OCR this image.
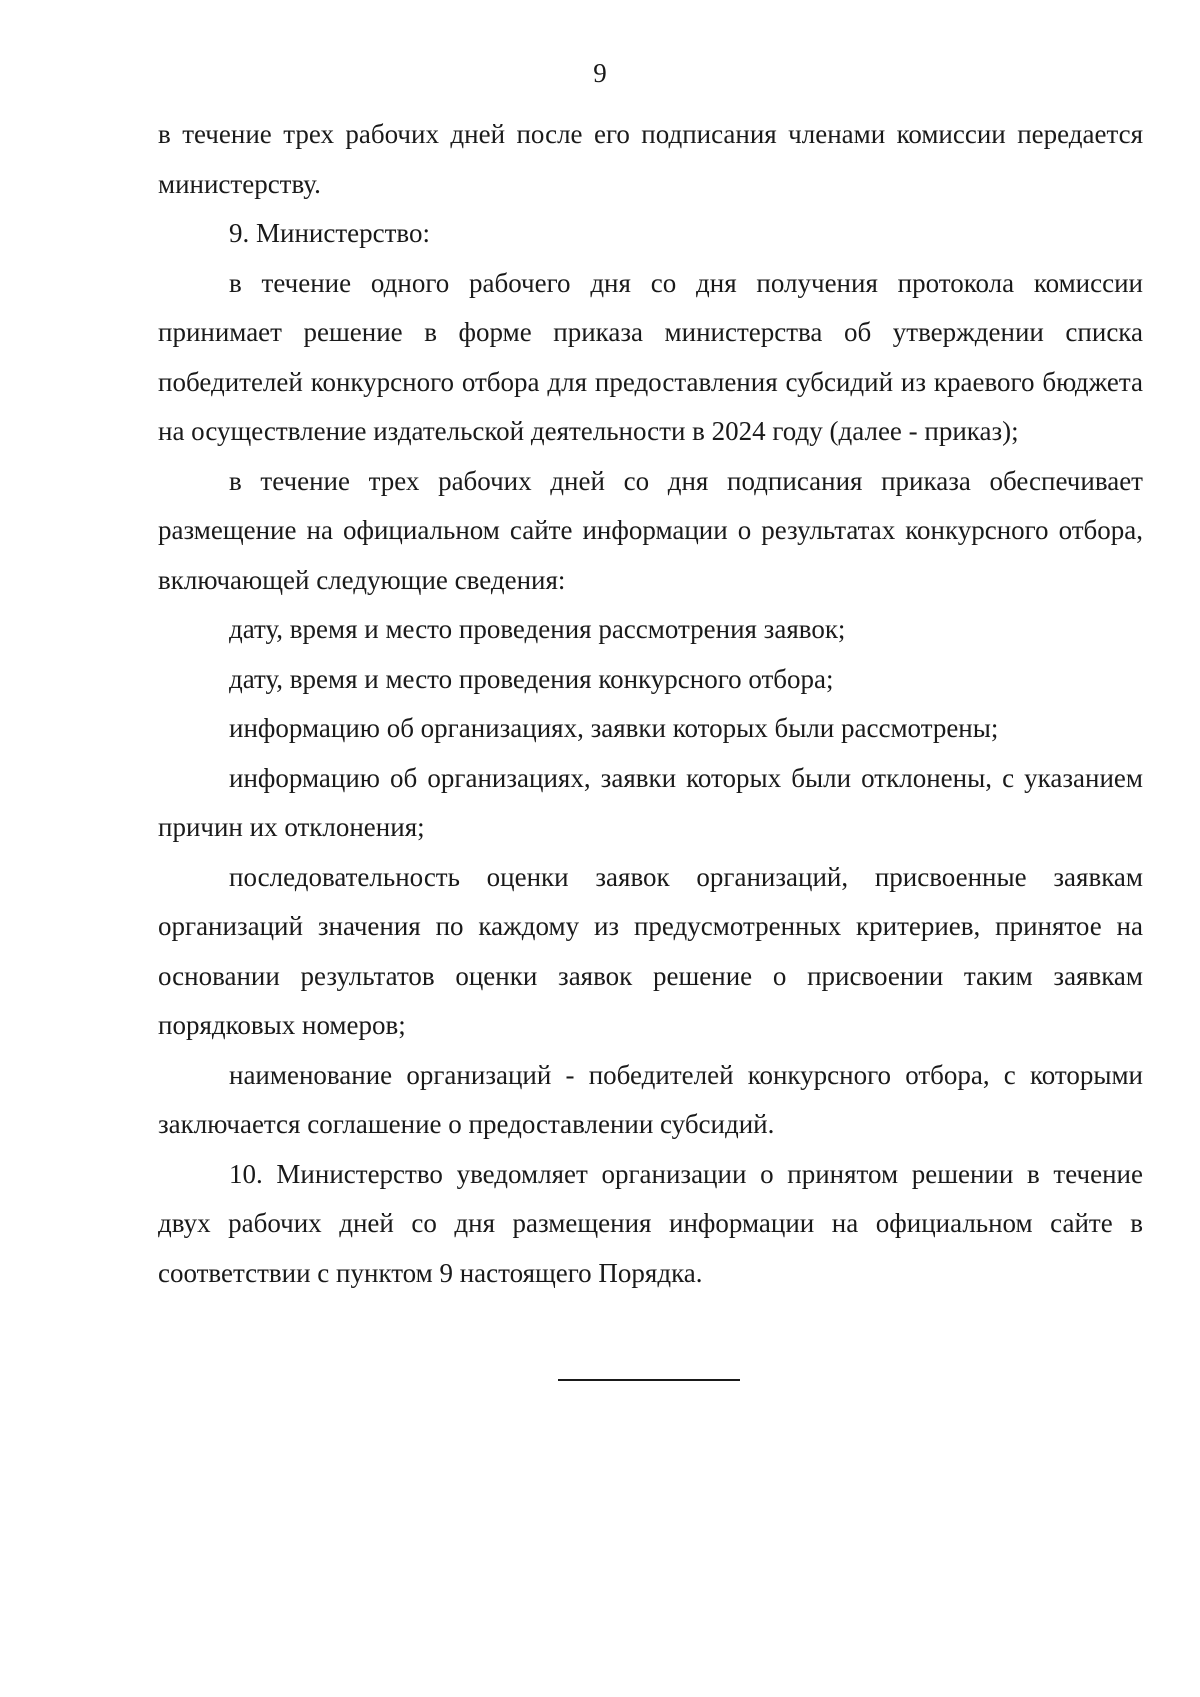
9

в течение трех рабочих дней после его подписания членами комиссии передается министерству.

9. Министерство:

в течение одного рабочего дня со дня получения протокола комиссии принимает решение в форме приказа министерства об утверждении списка победителей конкурсного отбора для предоставления субсидий из краевого бюджета на осуществление издательской деятельности в 2024 году (далее - приказ);

в течение трех рабочих дней со дня подписания приказа обеспечивает размещение на официальном сайте информации о результатах конкурсного отбора, включающей следующие сведения:

дату, время и место проведения рассмотрения заявок;

дату, время и место проведения конкурсного отбора;

информацию об организациях, заявки которых были рассмотрены;

информацию об организациях, заявки которых были отклонены, с указанием причин их отклонения;

последовательность оценки заявок организаций, присвоенные заявкам организаций значения по каждому из предусмотренных критериев, принятое на основании результатов оценки заявок решение о присвоении таким заявкам порядковых номеров;

наименование организаций - победителей конкурсного отбора, с которыми заключается соглашение о предоставлении субсидий.

10. Министерство уведомляет организации о принятом решении в течение двух рабочих дней со дня размещения информации на официальном сайте в соответствии с пунктом 9 настоящего Порядка.
